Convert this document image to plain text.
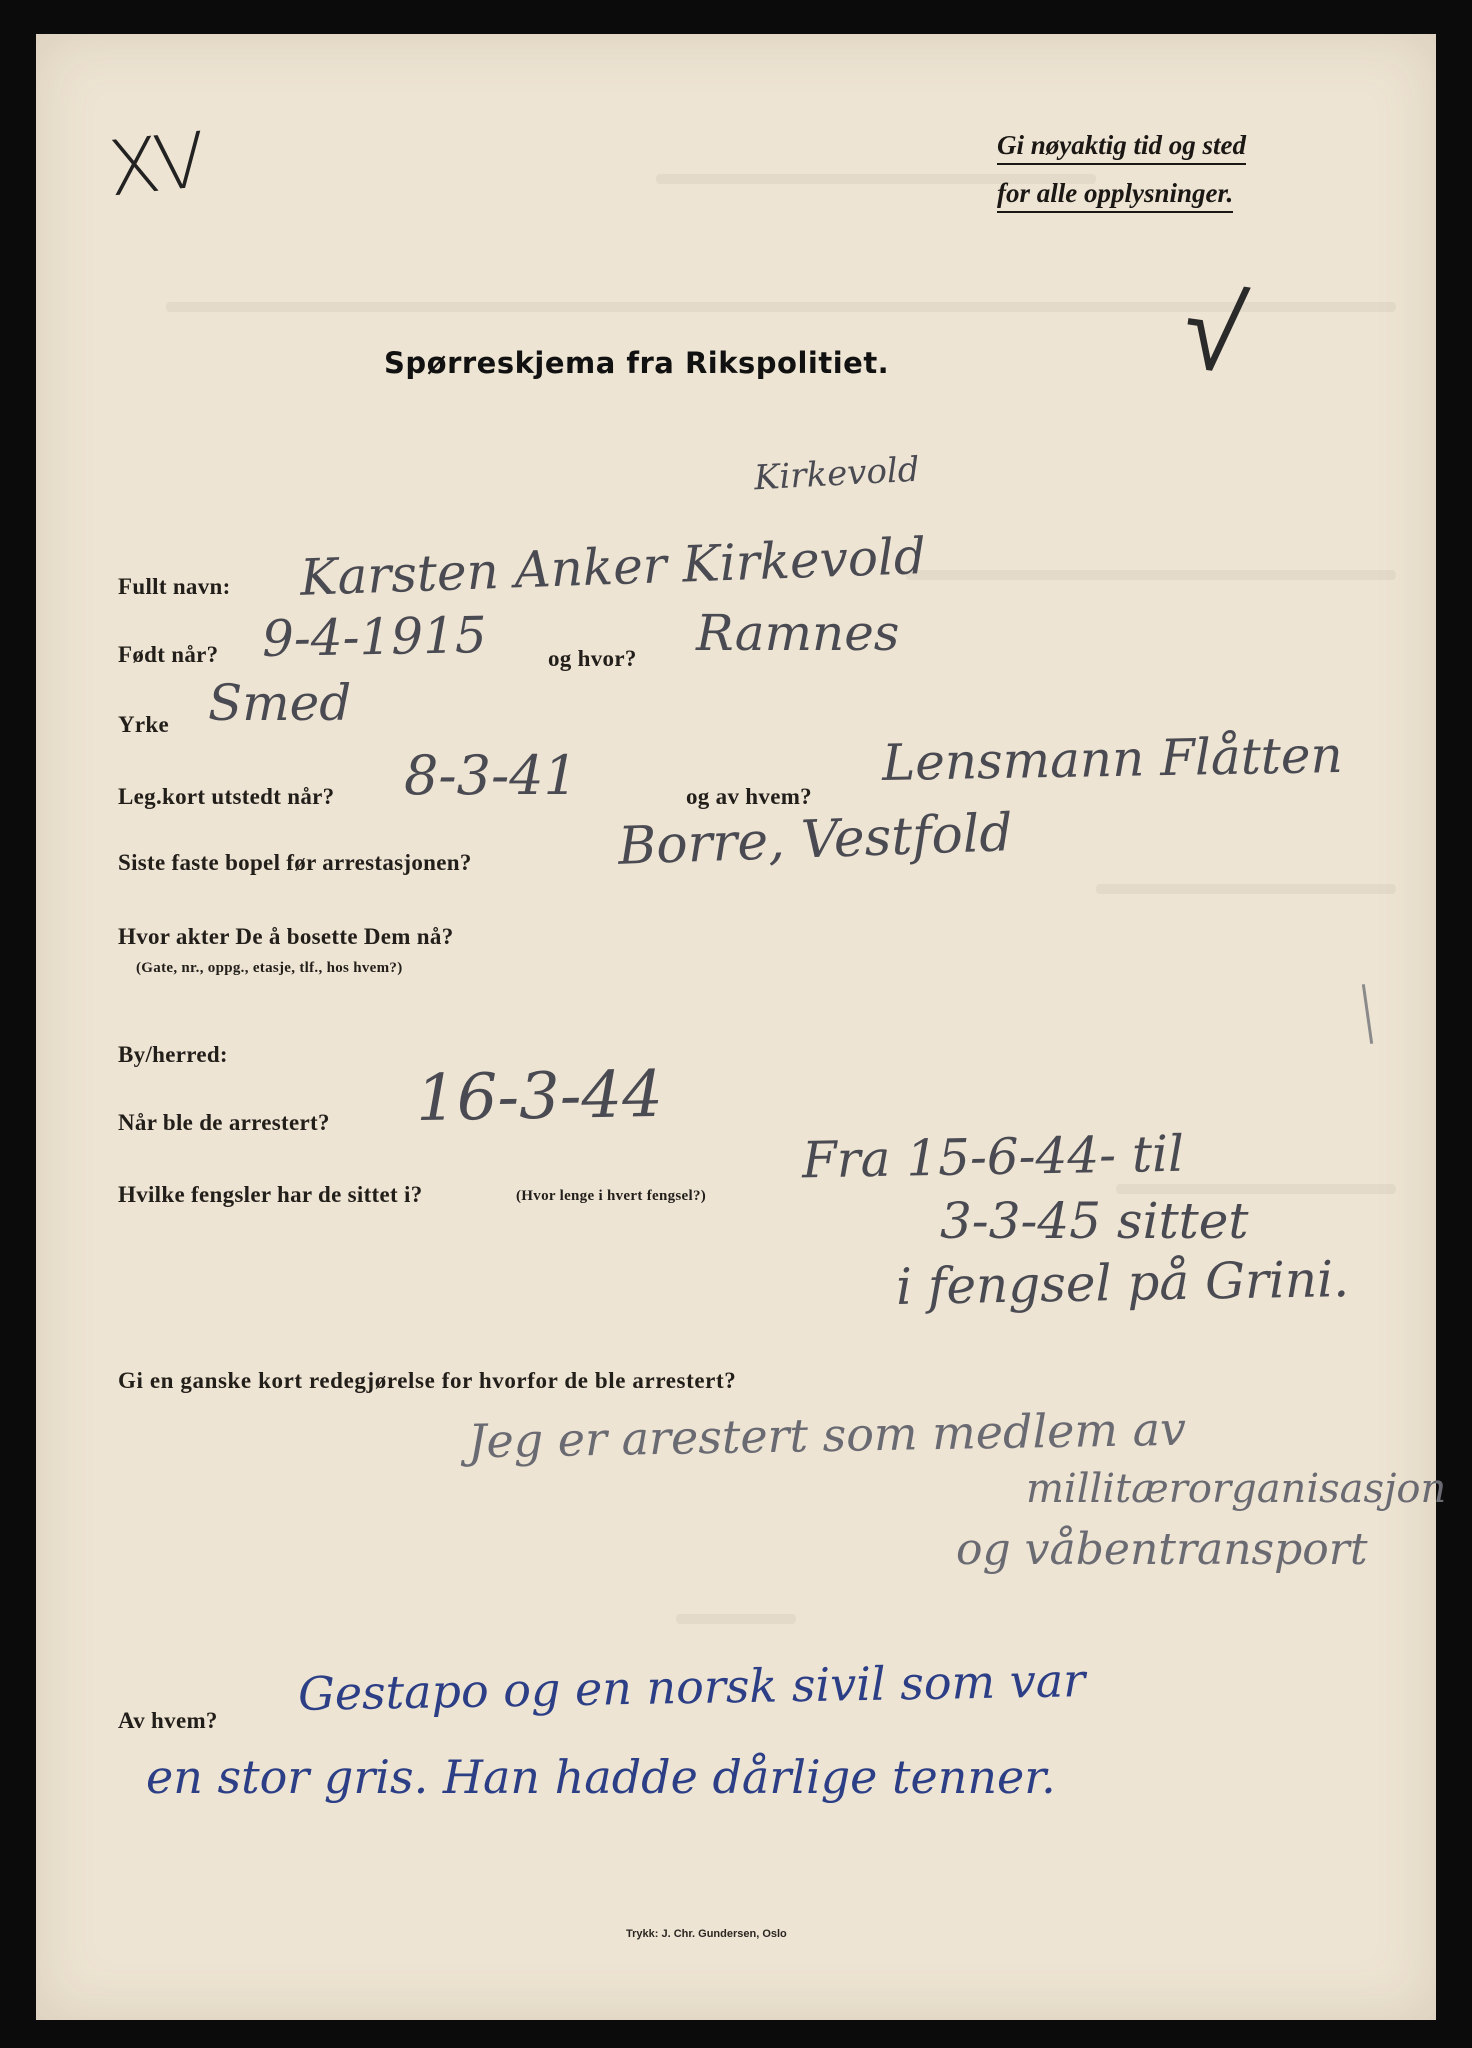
XV
√
Gi nøyaktig tid og sted
for alle opplysninger.
Spørreskjema fra Rikspolitiet.
Kirkevold
Fullt navn: Karsten Anker Kirkevold
Født når? 9-4-1915	og hvor? Ramnes
Yrke Smed
Leg.kort utstedt når? 8-3-41	og av hvem?
Lensmann Flåtten
Siste faste bopel før arrestasjonen?	Borre, Vestfold
Hvor akter De å bosette Dem nå?
(Gate, nr., oppg., etasje, tlf., hos hvem?)
By/herred:
Når ble de arrestert? 16-3-44
Hvilke fengsler har de sittet i?	(Hvor lenge i hvert fengsel?)
Fra 15-6-44- til
3-3-45 sittet
i fengsel på Grini.
Gi en ganske kort redegjørelse for hvorfor de ble arrestert?
Jeg er arestert som medlem av
millitærorganisasjon
og våbentransport
Av hvem? Gestapo og en norsk sivil som var
en stor gris. Han hadde dårlige tenner.
Trykk: J. Chr. Gundersen, Oslo
